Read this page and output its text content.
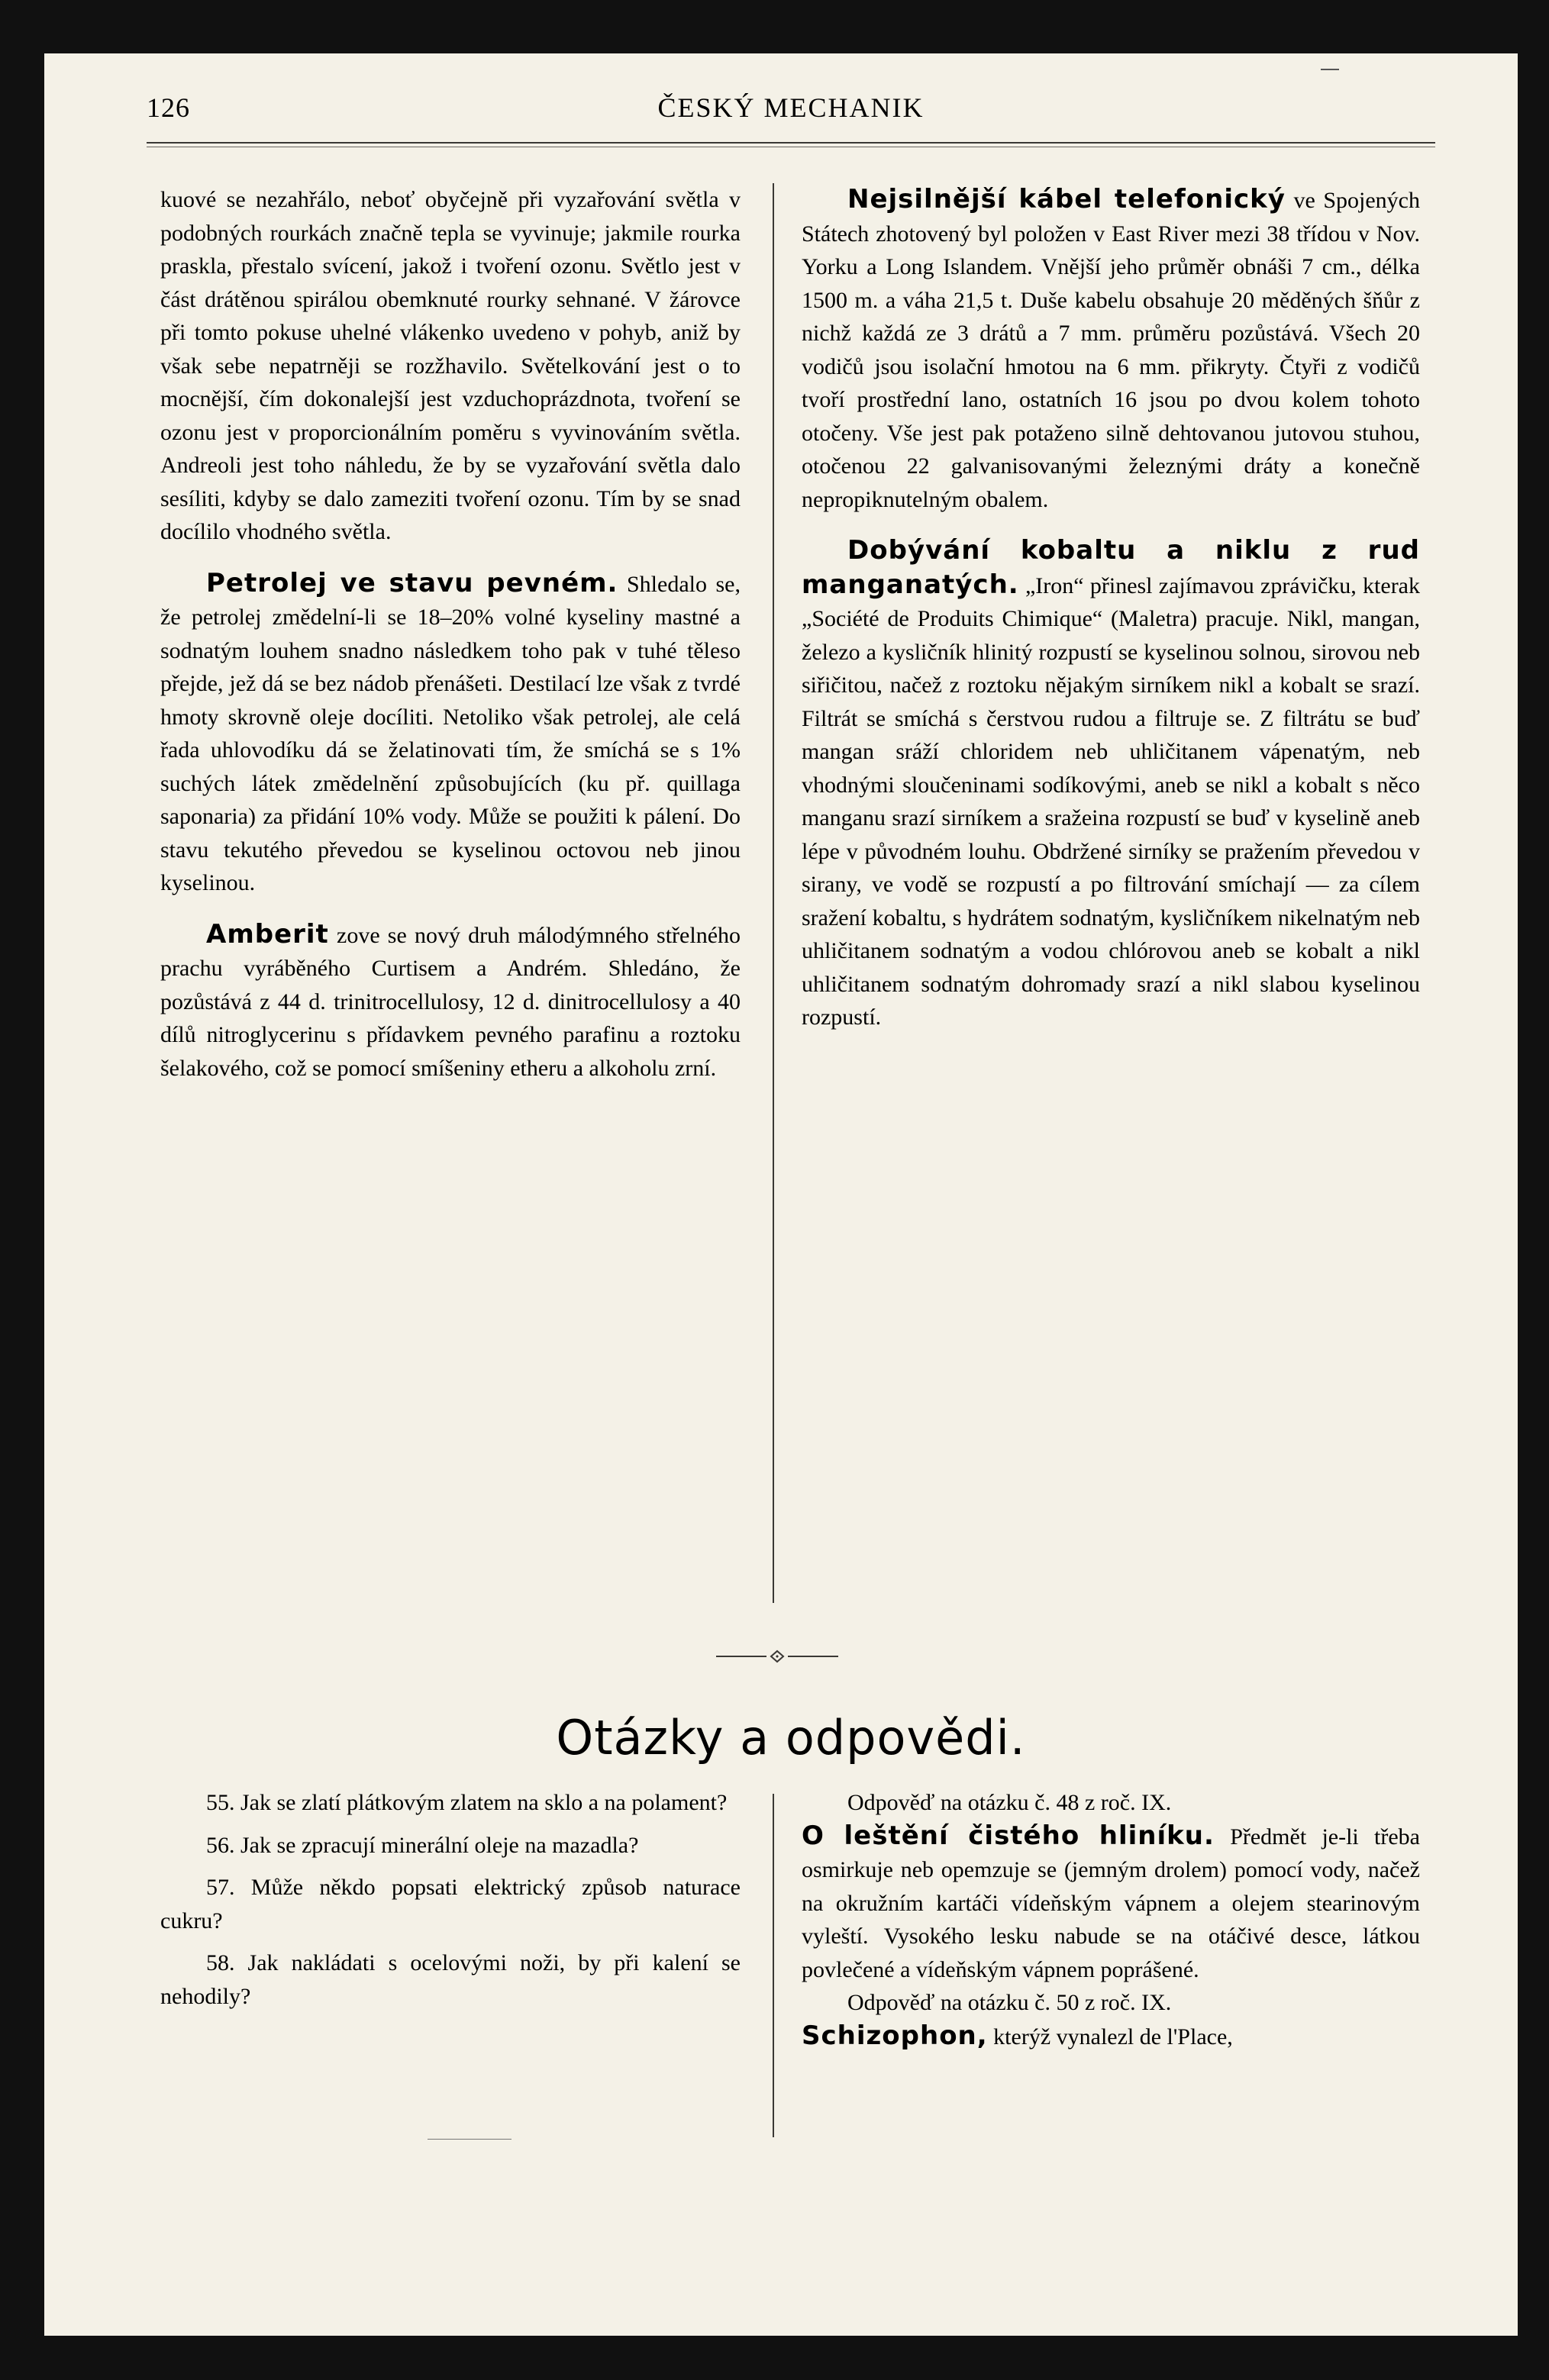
126	ČESKÝ MECHANIK

kuové se nezahřálo, neboť obyčejně při vyzařování světla v podobných rourkách značně tepla se vyvinuje; jakmile rourka praskla, přestalo svícení, jakož i tvoření ozonu. Světlo jest v část drátěnou spirálou obemknuté rourky sehnané. V žárovce při tomto pokuse uhelné vlákenko uvedeno v pohyb, aniž by však sebe nepatrněji se rozžhavilo. Světelkování jest o to mocnější, čím dokonalejší jest vzduchoprázdnota, tvoření se ozonu jest v proporcionálním poměru s vyvinováním světla. Andreoli jest toho náhledu, že by se vyzařování světla dalo sesíliti, kdyby se dalo zameziti tvoření ozonu. Tím by se snad docílilo vhodného světla.

Petrolej ve stavu pevném. Shledalo se, že petrolej změdelní-li se 18–20% volné kyseliny mastné a sodnatým louhem snadno následkem toho pak v tuhé těleso přejde, jež dá se bez nádob přenášeti. Destilací lze však z tvrdé hmoty skrovně oleje docíliti. Netoliko však petrolej, ale celá řada uhlovodíku dá se želatinovati tím, že smíchá se s 1% suchých látek změdelnění způsobujících (ku př. quillaga saponaria) za přidání 10% vody. Může se použiti k pálení. Do stavu tekutého převedou se kyselinou octovou neb jinou kyselinou.

Amberit zove se nový druh málodýmného střelného prachu vyráběného Curtisem a Andrém. Shledáno, že pozůstává z 44 d. trinitrocellulosy, 12 d. dinitrocellulosy a 40 dílů nitroglycerinu s přídavkem pevného parafinu a roztoku šelakového, což se pomocí smíšeniny etheru a alkoholu zrní.

Nejsilnější kábel telefonický ve Spojených Státech zhotovený byl položen v East River mezi 38 třídou v Nov. Yorku a Long Islandem. Vnější jeho průměr obnáši 7 cm., délka 1500 m. a váha 21,5 t. Duše kabelu obsahuje 20 měděných šňůr z nichž každá ze 3 drátů a 7 mm. průměru pozůstává. Všech 20 vodičů jsou isolační hmotou na 6 mm. přikryty. Čtyři z vodičů tvoří prostřední lano, ostatních 16 jsou po dvou kolem tohoto otočeny. Vše jest pak potaženo silně dehtovanou jutovou stuhou, otočenou 22 galvanisovanými železnými dráty a konečně nepropiknutelným obalem.

Dobývání kobaltu a niklu z rud manganatých. „Iron“ přinesl zajímavou zprávičku, kterak „Société de Produits Chimique“ (Maletra) pracuje. Nikl, mangan, železo a kysličník hlinitý rozpustí se kyselinou solnou, sirovou neb siřičitou, načež z roztoku nějakým sirníkem nikl a kobalt se srazí. Filtrát se smíchá s čerstvou rudou a filtruje se. Z filtrátu se buď mangan sráží chloridem neb uhličitanem vápenatým, neb vhodnými sloučeninami sodíkovými, aneb se nikl a kobalt s něco manganu srazí sirníkem a sražeina rozpustí se buď v kyselině aneb lépe v původném louhu. Obdržené sirníky se pražením převedou v sirany, ve vodě se rozpustí a po filtrování smíchají — za cílem sražení kobaltu, s hydrátem sodnatým, kysličníkem nikelnatým neb uhličitanem sodnatým a vodou chlórovou aneb se kobalt a nikl uhličitanem sodnatým dohromady srazí a nikl slabou kyselinou rozpustí.

Otázky a odpovědi.

55. Jak se zlatí plátkovým zlatem na sklo a na polament?

56. Jak se zpracují minerální oleje na mazadla?

57. Může někdo popsati elektrický způsob naturace cukru?

58. Jak nakládati s ocelovými noži, by při kalení se nehodily?

Odpověď na otázku č. 48 z roč. IX.

O leštění čistého hliníku. Předmět je-li třeba osmirkuje neb opemzuje se (jemným drolem) pomocí vody, načež na okružním kartáči vídeňským vápnem a olejem stearinovým vyleští. Vysokého lesku nabude se na otáčivé desce, látkou povlečené a vídeňským vápnem poprášené.

Odpověď na otázku č. 50 z roč. IX.

Schizophon, kterýž vynalezl de l'Place,
